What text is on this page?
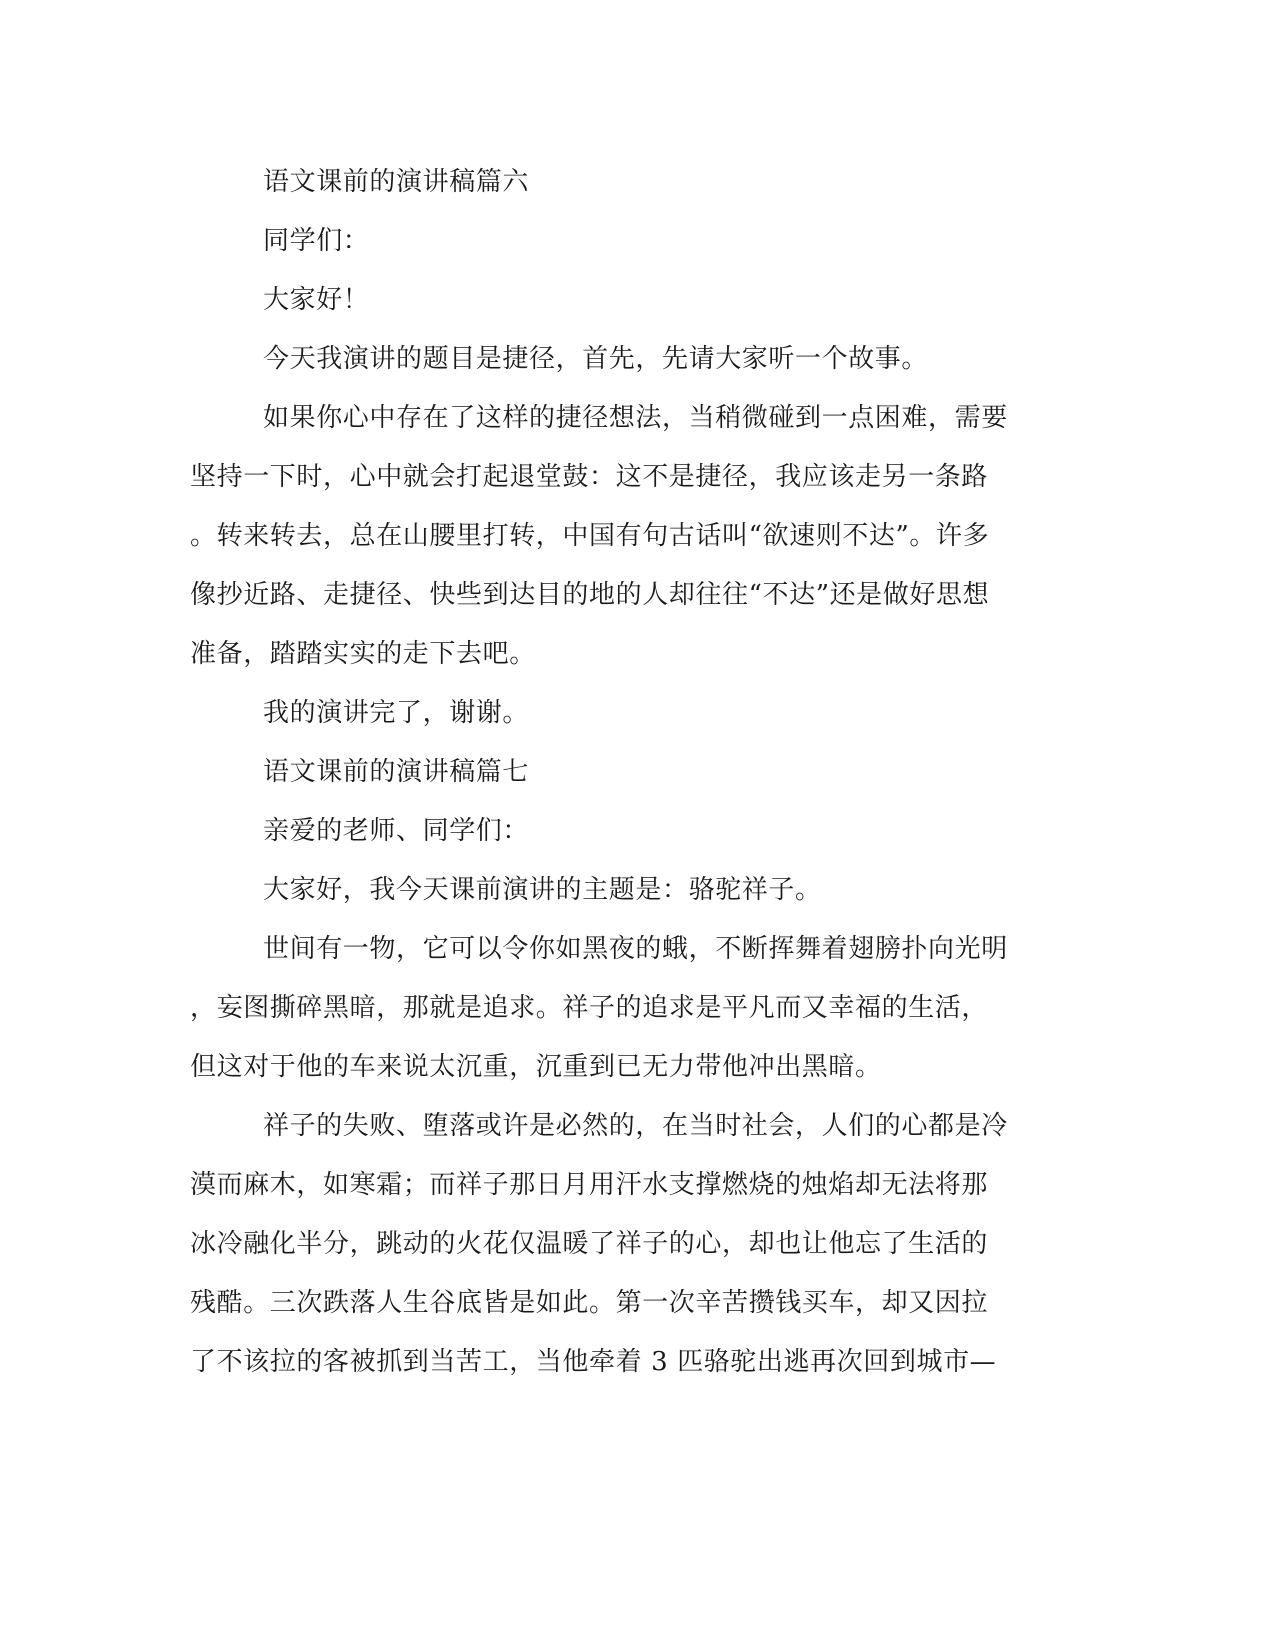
语文课前的演讲稿篇六
同学们：
大家好！
今天我演讲的题目是捷径，首先，先请大家听一个故事。
如果你心中存在了这样的捷径想法，当稍微碰到一点困难，需要
坚持一下时，心中就会打起退堂鼓：这不是捷径，我应该走另一条路
。转来转去，总在山腰里打转，中国有句古话叫“欲速则不达”。许多
像抄近路、走捷径、快些到达目的地的人却往往“不达”还是做好思想
准备，踏踏实实的走下去吧。
我的演讲完了，谢谢。
语文课前的演讲稿篇七
亲爱的老师、同学们：
大家好，我今天课前演讲的主题是：骆驼祥子。
世间有一物，它可以令你如黑夜的蛾，不断挥舞着翅膀扑向光明
，妄图撕碎黑暗，那就是追求。祥子的追求是平凡而又幸福的生活，
但这对于他的车来说太沉重，沉重到已无力带他冲出黑暗。
祥子的失败、堕落或许是必然的，在当时社会，人们的心都是冷
漠而麻木，如寒霜；而祥子那日月用汗水支撑燃烧的烛焰却无法将那
冰冷融化半分，跳动的火花仅温暖了祥子的心，却也让他忘了生活的
残酷。三次跌落人生谷底皆是如此。第一次辛苦攒钱买车，却又因拉
了不该拉的客被抓到当苦工，当他牵着 3 匹骆驼出逃再次回到城市—
